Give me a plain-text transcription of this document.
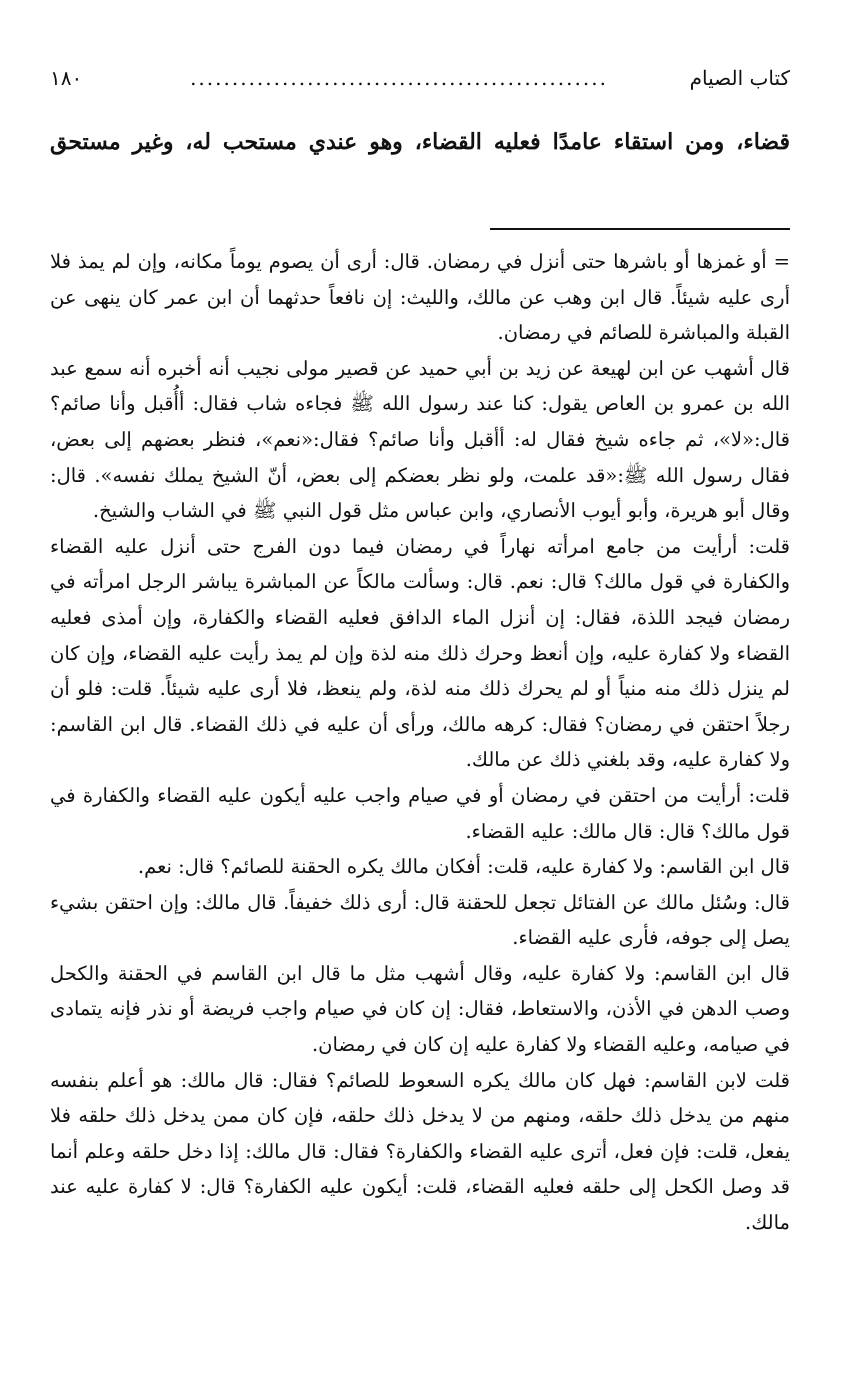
كتاب الصيام
..................................................
١٨٠
قضاء، ومن استقاء عامدًا فعليه القضاء، وهو عندي مستحب له، وغير مستحق

= أو غمزها أو باشرها حتى أنزل في رمضان. قال: أرى أن يصوم يوماً مكانه، وإن لم يمذ فلا أرى عليه شيئاً. قال ابن وهب عن مالك، والليث: إن نافعاً حدثهما أن ابن عمر كان ينهى عن القبلة والمباشرة للصائم في رمضان.

قال أشهب عن ابن لهيعة عن زيد بن أبي حميد عن قصير مولى نجيب أنه أخبره أنه سمع عبد الله بن عمرو بن العاص يقول: كنا عند رسول الله ﷺ فجاءه شاب فقال: أأُقبل وأنا صائم؟ قال:«لا»، ثم جاءه شيخ فقال له: أأقبل وأنا صائم؟ فقال:«نعم»، فنظر بعضهم إلى بعض، فقال رسول الله ﷺ:«قد علمت، ولو نظر بعضكم إلى بعض، أنّ الشيخ يملك نفسه». قال: وقال أبو هريرة، وأبو أيوب الأنصاري، وابن عباس مثل قول النبي ﷺ في الشاب والشيخ.

قلت: أرأيت من جامع امرأته نهاراً في رمضان فيما دون الفرج حتى أنزل عليه القضاء والكفارة في قول مالك؟ قال: نعم. قال: وسألت مالكاً عن المباشرة يباشر الرجل امرأته في رمضان فيجد اللذة، فقال: إن أنزل الماء الدافق فعليه القضاء والكفارة، وإن أمذى فعليه القضاء ولا كفارة عليه، وإن أنعظ وحرك ذلك منه لذة وإن لم يمذ رأيت عليه القضاء، وإن كان لم ينزل ذلك منه منياً أو لم يحرك ذلك منه لذة، ولم ينعظ، فلا أرى عليه شيئاً. قلت: فلو أن رجلاً احتقن في رمضان؟ فقال: كرهه مالك، ورأى أن عليه في ذلك القضاء. قال ابن القاسم: ولا كفارة عليه، وقد بلغني ذلك عن مالك.

قلت: أرأيت من احتقن في رمضان أو في صيام واجب عليه أيكون عليه القضاء والكفارة في قول مالك؟ قال: قال مالك: عليه القضاء.

قال ابن القاسم: ولا كفارة عليه، قلت: أفكان مالك يكره الحقنة للصائم؟ قال: نعم.

قال: وسُئل مالك عن الفتائل تجعل للحقنة قال: أرى ذلك خفيفاً. قال مالك: وإن احتقن بشيء يصل إلى جوفه، فأرى عليه القضاء.

قال ابن القاسم: ولا كفارة عليه، وقال أشهب مثل ما قال ابن القاسم في الحقنة والكحل وصب الدهن في الأذن، والاستعاط، فقال: إن كان في صيام واجب فريضة أو نذر فإنه يتمادى في صيامه، وعليه القضاء ولا كفارة عليه إن كان في رمضان.

قلت لابن القاسم: فهل كان مالك يكره السعوط للصائم؟ فقال: قال مالك: هو أعلم بنفسه منهم من يدخل ذلك حلقه، ومنهم من لا يدخل ذلك حلقه، فإن كان ممن يدخل ذلك حلقه فلا يفعل، قلت: فإن فعل، أترى عليه القضاء والكفارة؟ فقال: قال مالك: إذا دخل حلقه وعلم أنما قد وصل الكحل إلى حلقه فعليه القضاء، قلت: أيكون عليه الكفارة؟ قال: لا كفارة عليه عند مالك.
